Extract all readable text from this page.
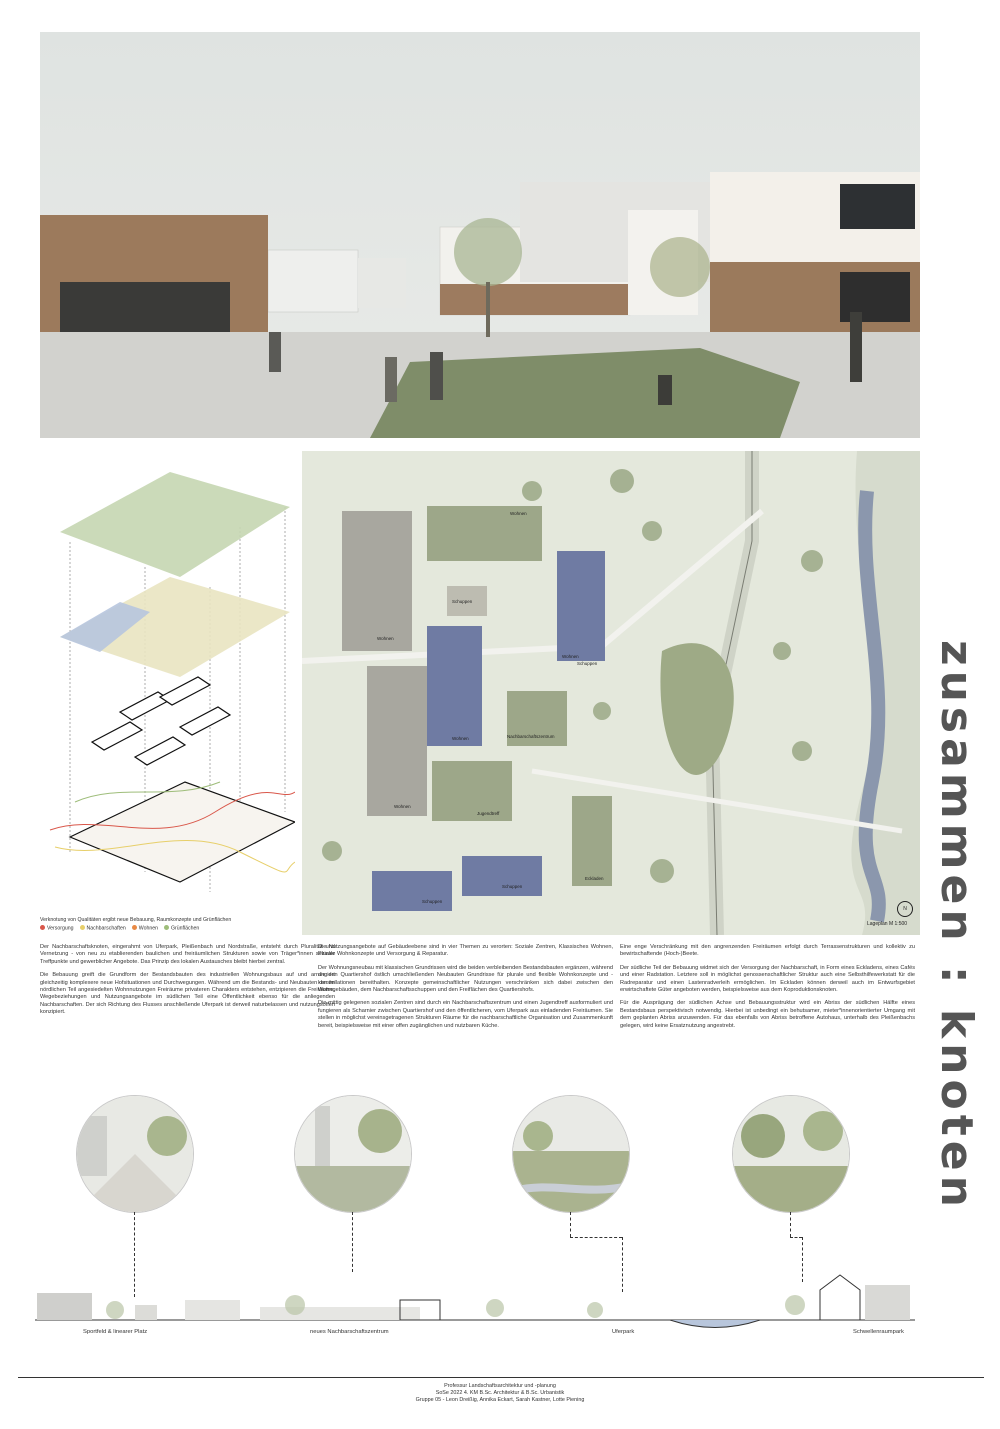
Verknotung von Qualitäten ergibt neue Bebauung, Raumkonzepte und Grünflächen
Versorgung	Nachbarschaften	Wohnen	Grünflächen
Wohnen
Wohnen
Wohnen
Wohnen
Schuppen
Wohnen
Nachbarschaftszentrum
Jugendtreff
Schuppen
Schuppen
Eckladen
Schuppen
N
Lageplan M 1:500 zusammen : knoten

Der Nachbarschaftsknoten, eingerahmt von Uferpark, Pleißenbach und Nordstraße, entsteht durch Pluralität und Vernetzung - von neu zu etablierenden baulichen und freiräumlichen Strukturen sowie von Träger*innen sozialer Treffpunkte und gewerblicher Angebote. Das Prinzip des lokalen Austausches bleibt hierbei zentral.

Die Bebauung greift die Grundform der Bestandsbauten des industriellen Wohnungsbaus auf und arrangiert gleichzeitig komplexere neue Hofsituationen und Durchwegungen. Während um die Bestands- und Neubauten der im nördlichen Teil angesiedelten Wohnnutzungen Freiräume privateren Charakters entstehen, entzipieren die Freiräume, Wegebeziehungen und Nutzungsangebote im südlichen Teil eine Öffentlichkeit ebenso für die anliegenden Nachbarschaften. Der sich Richtung des Flusses anschließende Uferpark ist derweil naturbelassen und nutzungsoffen konzipiert.

Die Nutzungsangebote auf Gebäudeebene sind in vier Themen zu verorten: Soziale Zentren, Klassisches Wohnen, Plurale Wohnkonzepte und Versorgung & Reparatur.

Der Wohnungsneubau mit klassischen Grundrissen wird die beiden verbleibenden Bestandsbauten ergänzen, während die den Quartiershof östlich umschließenden Neubauten Grundrisse für plurale und flexible Wohnkonzepte und -konstellationen bereithalten. Konzepte gemeinschaftlicher Nutzungen verschränken sich dabei zwischen den Wohngebäuden, dem Nachbarschaftsschuppen und den Freiflächen des Quartiershofs.

Die mittig gelegenen sozialen Zentren sind durch ein Nachbarschaftszentrum und einen Jugendtreff ausformuliert und fungieren als Scharnier zwischen Quartiershof und den öffentlicheren, vom Uferpark aus einladenden Freiräumen. Sie stellen in möglichst vereinsgetragenen Strukturen Räume für die nachbarschaftliche Organisation und Zusammenkunft bereit, beispielsweise mit einer offen zugänglichen und nutzbaren Küche.

Eine enge Verschränkung mit den angrenzenden Freiräumen erfolgt durch Terrassenstrukturen und kollektiv zu bewirtschaftende (Hoch-)Beete.

Der südliche Teil der Bebauung widmet sich der Versorgung der Nachbarschaft, in Form eines Eckladens, eines Cafés und einer Radstation. Letztere soll in möglichst genossenschaftlicher Struktur auch eine Selbsthilfewerkstatt für die Radreparatur und einen Lastenradverleih ermöglichen. Im Eckladen können derweil auch im Entwurfsgebiet erwirtschaftete Güter angeboten werden, beispielsweise aus dem Koproduktionsknoten.

Für die Ausprägung der südlichen Achse und Bebauungsstruktur wird ein Abriss der südlichen Hälfte eines Bestandsbaus perspektivisch notwendig. Hierbei ist unbedingt ein behutsamer, mieter*innenorientierter Umgang mit dem geplanten Abriss anzuwenden. Für das ebenfalls von Abriss betroffene Autohaus, unterhalb des Pleißenbachs gelegen, wird keine Ersatznutzung angestrebt.

Sportfeld & linearer Platz	neues Nachbarschaftszentrum	Uferpark	Schwellenraumpark
Professur Landschaftsarchitektur und -planung
SoSe 2022 4. KM B.Sc. Architektur & B.Sc. Urbanistik
Gruppe 05 - Leon Dreißig, Annika Eckart, Sarah Kastner, Lotte Piening
